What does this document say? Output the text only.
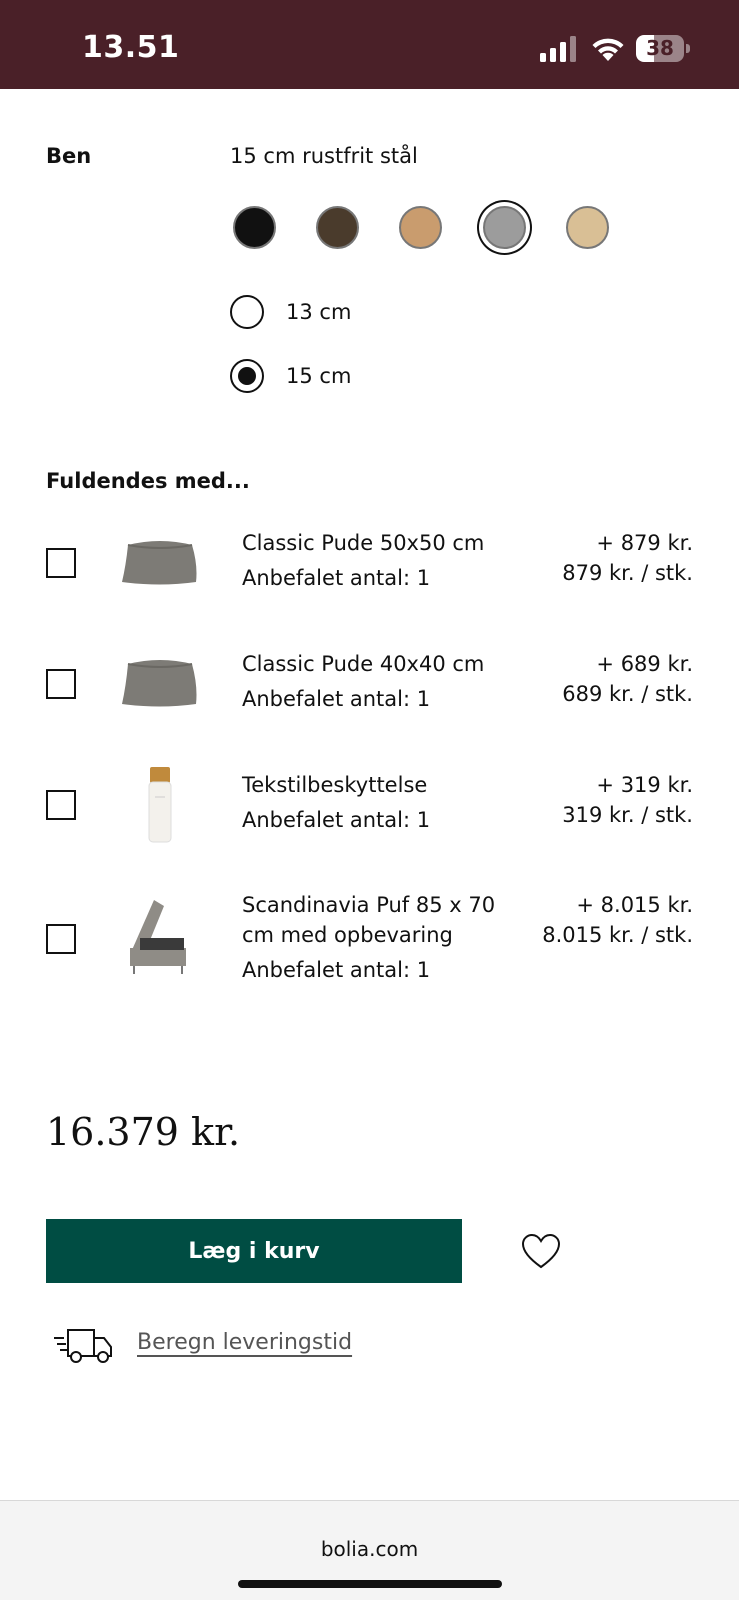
13.51	38
Ben	15 cm rustfrit stål
13 cm
15 cm
Fuldendes med...
Classic Pude 50x50 cm
Anbefalet antal: 1
+ 879 kr.
879 kr. / stk.
Classic Pude 40x40 cm
Anbefalet antal: 1
+ 689 kr.
689 kr. / stk.
Tekstilbeskyttelse
Anbefalet antal: 1
+ 319 kr.
319 kr. / stk.
Scandinavia Puf 85 x 70 cm med opbevaring
Anbefalet antal: 1
+ 8.015 kr.
8.015 kr. / stk.
16.379 kr.
Læg i kurv
Beregn leveringstid
bolia.com
